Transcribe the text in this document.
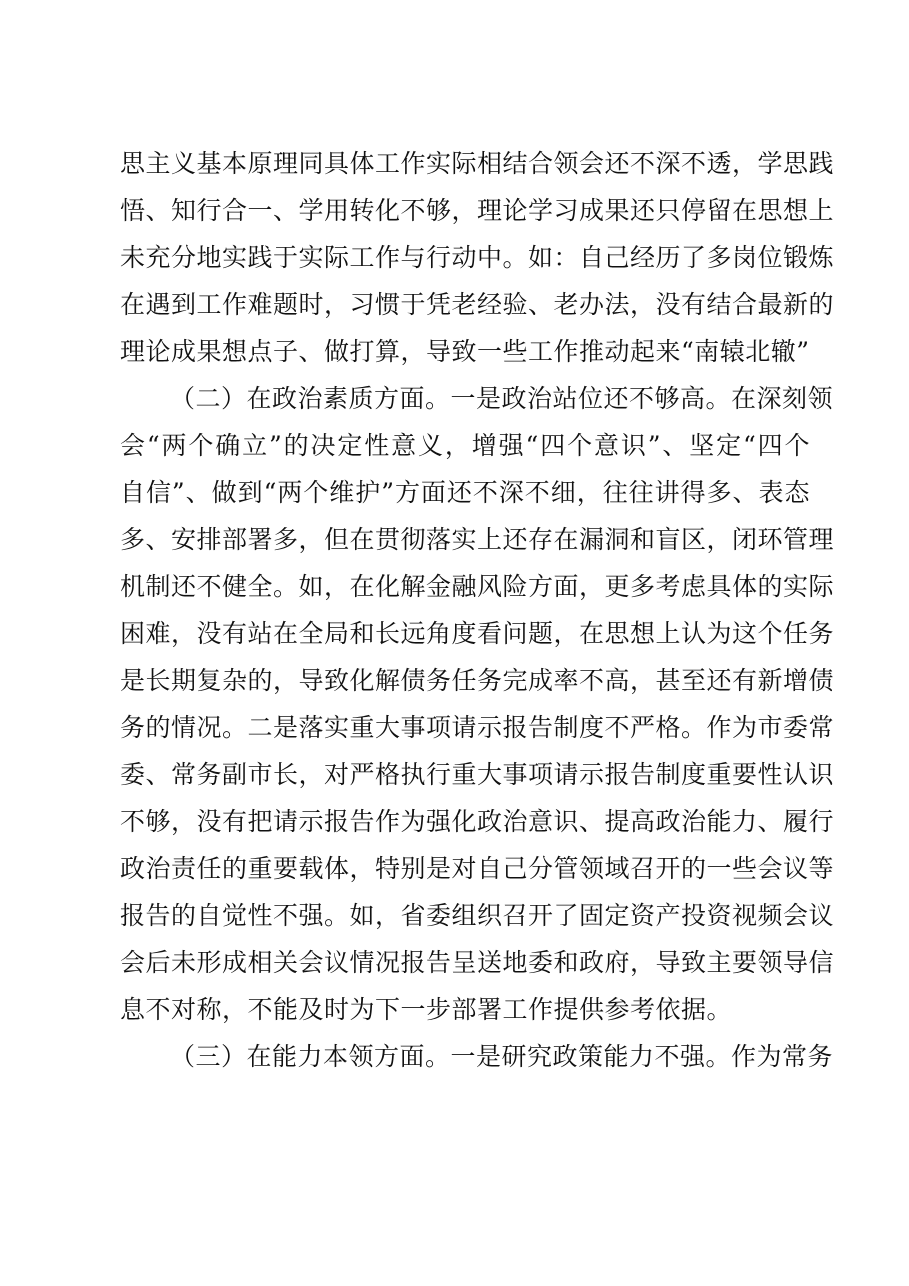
思主义基本原理同具体工作实际相结合领会还不深不透，学思践
悟、知行合一、学用转化不够，理论学习成果还只停留在思想上
未充分地实践于实际工作与行动中。如：自己经历了多岗位锻炼
在遇到工作难题时，习惯于凭老经验、老办法，没有结合最新的
理论成果想点子、做打算，导致一些工作推动起来“南辕北辙”
（二）在政治素质方面。一是政治站位还不够高。在深刻领
会“两个确立”的决定性意义，增强“四个意识”、坚定“四个
自信”、做到“两个维护”方面还不深不细，往往讲得多、表态
多、安排部署多，但在贯彻落实上还存在漏洞和盲区，闭环管理
机制还不健全。如，在化解金融风险方面，更多考虑具体的实际
困难，没有站在全局和长远角度看问题，在思想上认为这个任务
是长期复杂的，导致化解债务任务完成率不高，甚至还有新增债
务的情况。二是落实重大事项请示报告制度不严格。作为市委常
委、常务副市长，对严格执行重大事项请示报告制度重要性认识
不够，没有把请示报告作为强化政治意识、提高政治能力、履行
政治责任的重要载体，特别是对自己分管领域召开的一些会议等
报告的自觉性不强。如，省委组织召开了固定资产投资视频会议
会后未形成相关会议情况报告呈送地委和政府，导致主要领导信
息不对称，不能及时为下一步部署工作提供参考依据。
（三）在能力本领方面。一是研究政策能力不强。作为常务
